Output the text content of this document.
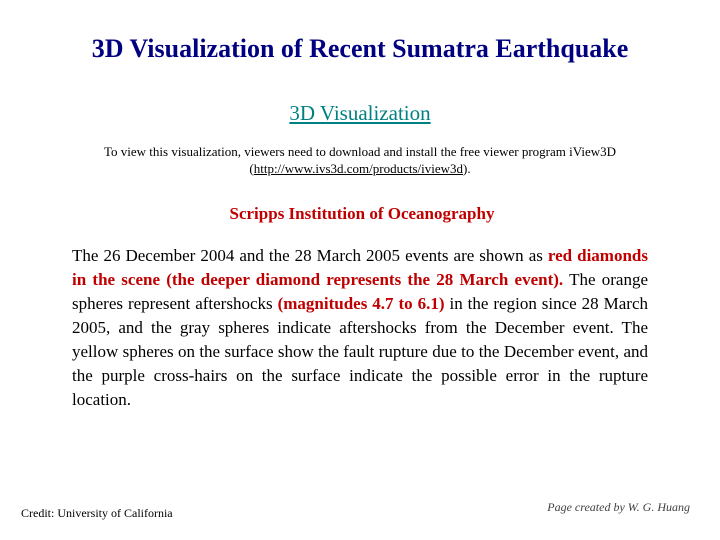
3D Visualization of Recent Sumatra Earthquake

3D Visualization

To view this visualization, viewers need to download and install the free viewer program iView3D (http://www.ivs3d.com/products/iview3d).

Scripps Institution of Oceanography

The 26 December 2004 and the 28 March 2005 events are shown as red diamonds in the scene (the deeper diamond represents the 28 March event). The orange spheres represent aftershocks (magnitudes 4.7 to 6.1) in the region since 28 March 2005, and the gray spheres indicate aftershocks from the December event. The yellow spheres on the surface show the fault rupture due to the December event, and the purple cross-hairs on the surface indicate the possible error in the rupture location.

Credit: University of California	Page created by W. G. Huang
